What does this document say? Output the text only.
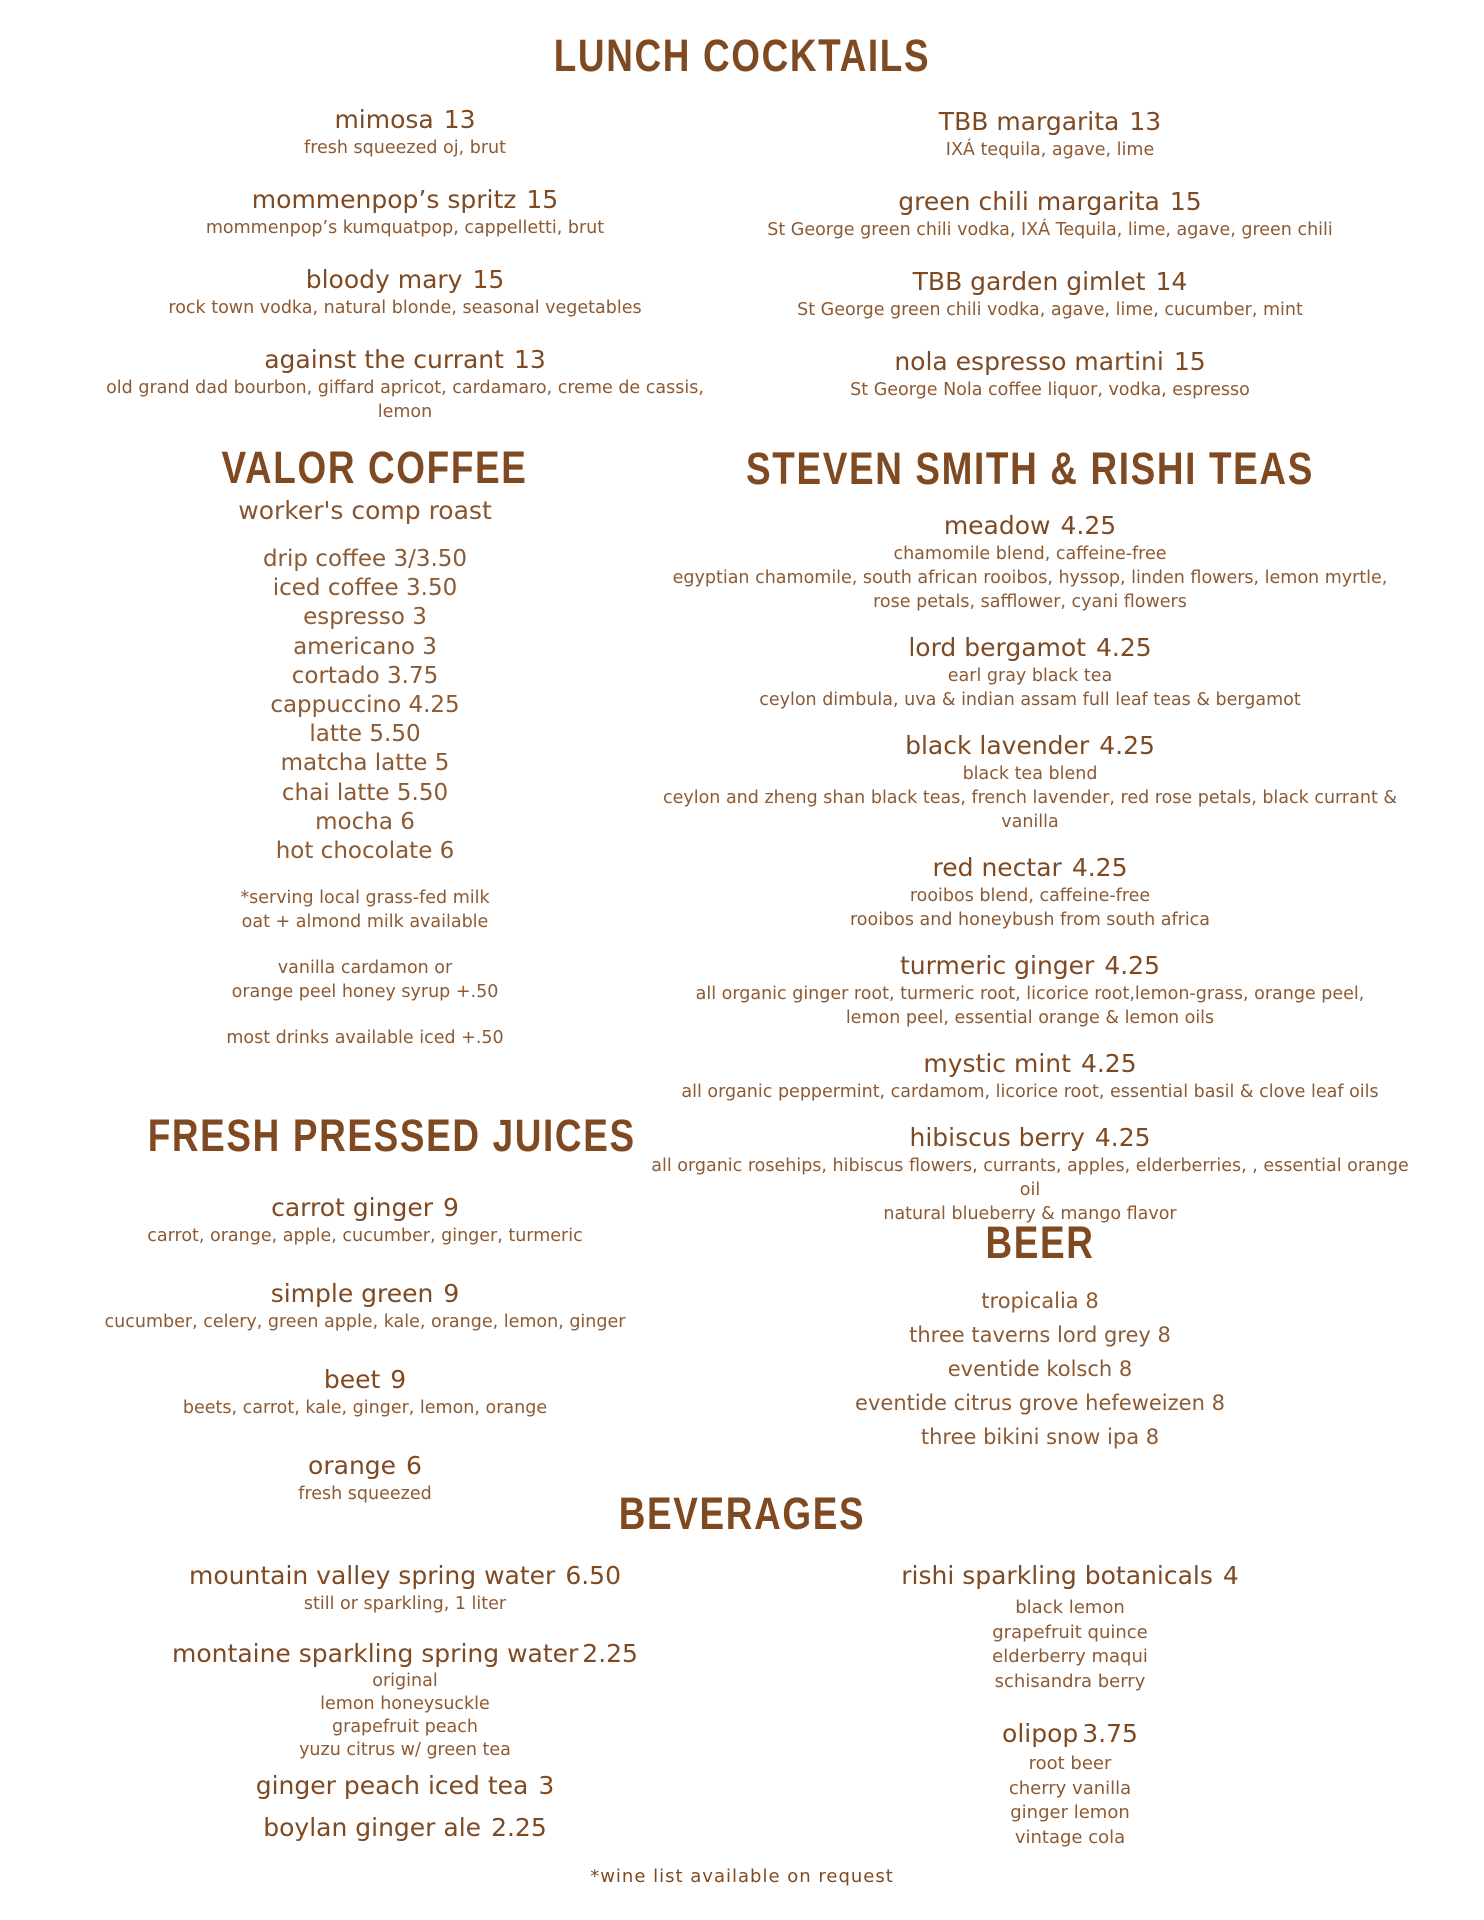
LUNCH COCKTAILS
mimosa 13
fresh squeezed oj, brut
mommenpop’s spritz 15
mommenpop’s kumquatpop, cappelletti, brut
bloody mary 15
rock town vodka, natural blonde, seasonal vegetables
against the currant 13
old grand dad bourbon, giffard apricot, cardamaro, creme de cassis, lemon
TBB margarita 13
IXÁ tequila, agave, lime
green chili margarita 15
St George green chili vodka, IXÁ Tequila, lime, agave, green chili
TBB garden gimlet 14
St George green chili vodka, agave, lime, cucumber, mint
nola espresso martini 15
St George Nola coffee liquor, vodka, espresso
VALOR COFFEE
worker's comp roast
drip coffee 3/3.50
iced coffee 3.50
espresso 3
americano 3
cortado 3.75
cappuccino 4.25
latte 5.50
matcha latte 5
chai latte 5.50
mocha 6
hot chocolate 6
*serving local grass-fed milk
oat + almond milk available
vanilla cardamon or
orange peel honey syrup +.50
most drinks available iced +.50
STEVEN SMITH & RISHI TEAS
meadow 4.25
chamomile blend, caffeine-free
egyptian chamomile, south african rooibos, hyssop, linden flowers, lemon myrtle,
rose petals, safflower, cyani flowers
lord bergamot 4.25
earl gray black tea
ceylon dimbula, uva & indian assam full leaf teas & bergamot
black lavender 4.25
black tea blend
ceylon and zheng shan black teas, french lavender, red rose petals, black currant & vanilla
red nectar 4.25
rooibos blend, caffeine-free
rooibos and honeybush from south africa
turmeric ginger 4.25
all organic ginger root, turmeric root, licorice root,lemon-grass, orange peel,
lemon peel, essential orange & lemon oils
mystic mint 4.25
all organic peppermint, cardamom, licorice root, essential basil & clove leaf oils
hibiscus berry 4.25
all organic rosehips, hibiscus flowers, currants, apples, elderberries, , essential orange oil
natural blueberry & mango flavor
FRESH PRESSED JUICES
carrot ginger 9
carrot, orange, apple, cucumber, ginger, turmeric
simple green 9
cucumber, celery, green apple, kale, orange, lemon, ginger
beet 9
beets, carrot, kale, ginger, lemon, orange
orange 6
fresh squeezed
BEER
tropicalia 8
three taverns lord grey 8
eventide kolsch 8
eventide citrus grove hefeweizen 8
three bikini snow ipa 8
BEVERAGES
mountain valley spring water 6.50
still or sparkling, 1 liter
montaine sparkling spring water 2.25
original
lemon honeysuckle
grapefruit peach
yuzu citrus w/ green tea
ginger peach iced tea 3
boylan ginger ale 2.25
rishi sparkling botanicals 4
black lemon
grapefruit quince
elderberry maqui
schisandra berry
olipop 3.75
root beer
cherry vanilla
ginger lemon
vintage cola
*wine list available on request
